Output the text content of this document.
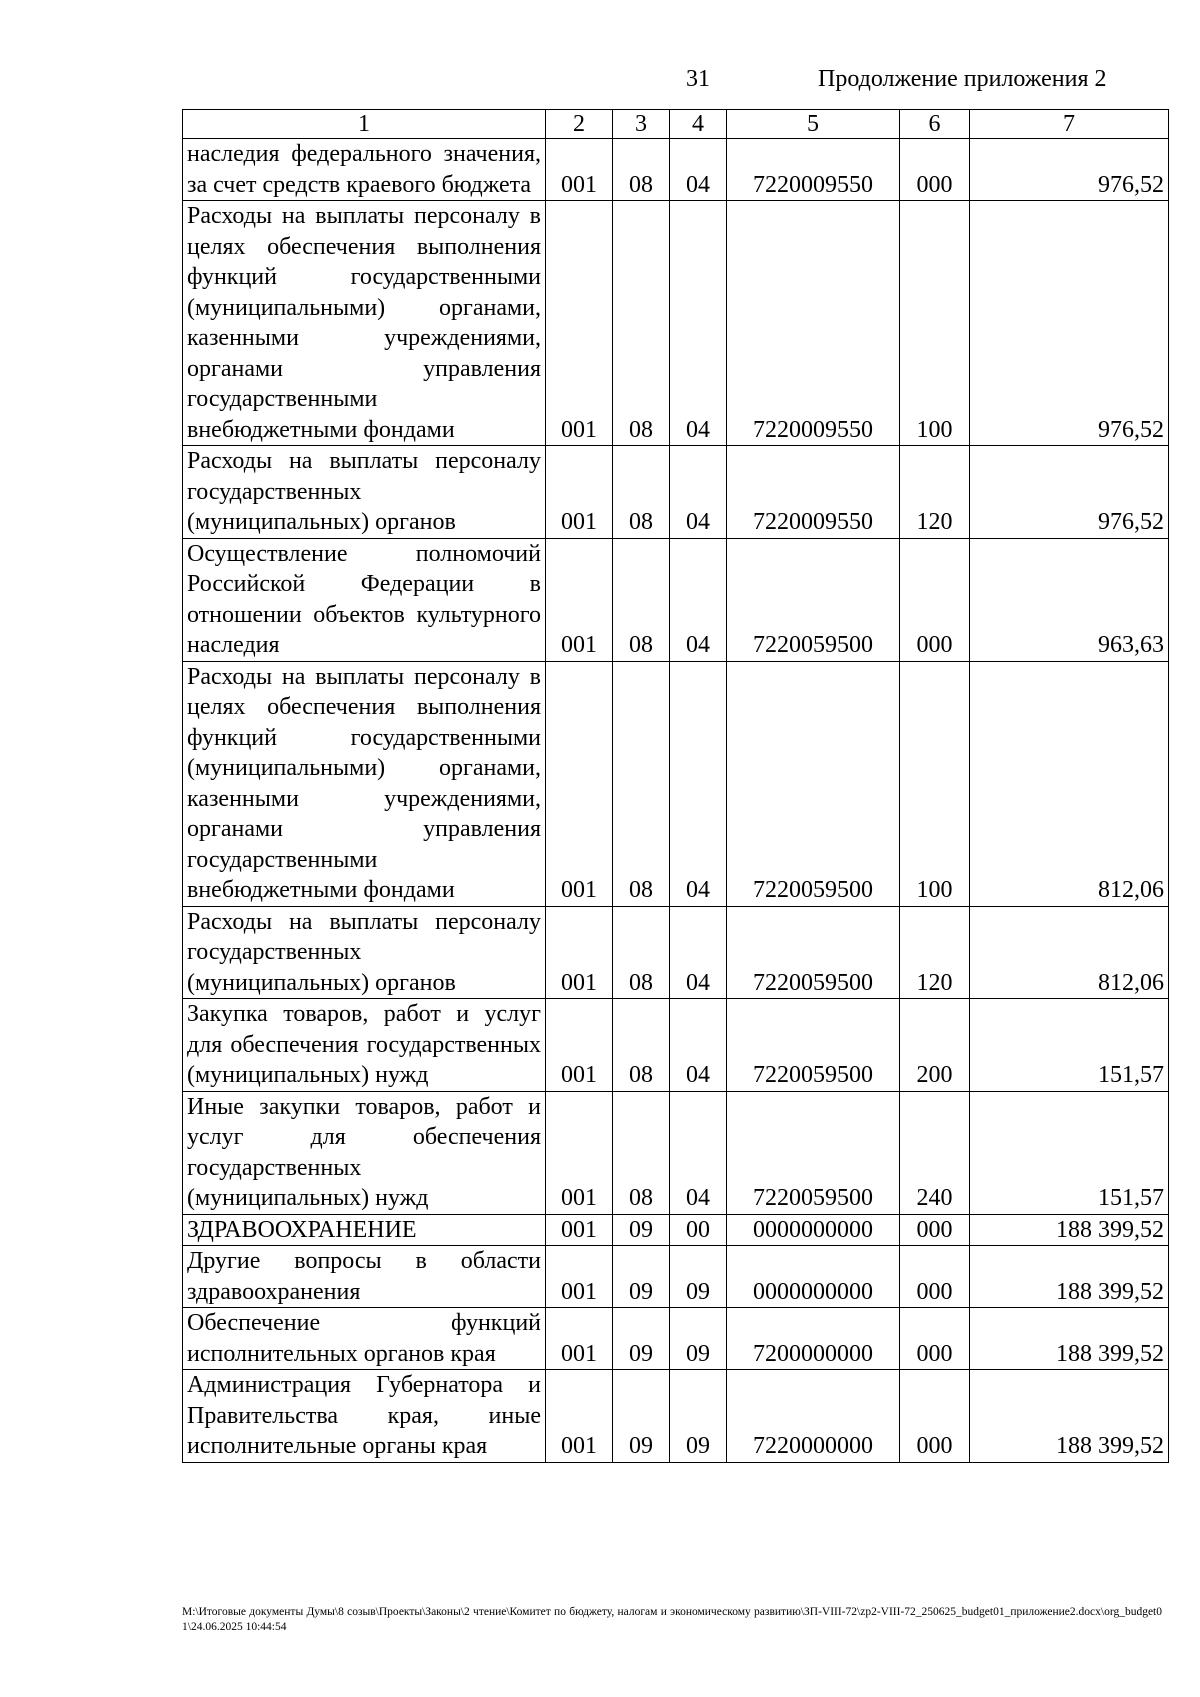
31	Продолжение приложения 2
1	2	3	4	5	6	7
наследия федерального значения, за счет средств краевого бюджета	001	08	04	7220009550	000	976,52
Расходы на выплаты персоналу в целях обеспечения выполнения функций государственными (муниципальными) органами, казенными учреждениями, органами управления государственными внебюджетными фондами	001	08	04	7220009550	100	976,52
Расходы на выплаты персоналу государственных (муниципальных) органов	001	08	04	7220009550	120	976,52
Осуществление полномочий Российской Федерации в отношении объектов культурного наследия	001	08	04	7220059500	000	963,63
Расходы на выплаты персоналу в целях обеспечения выполнения функций государственными (муниципальными) органами, казенными учреждениями, органами управления государственными внебюджетными фондами	001	08	04	7220059500	100	812,06
Расходы на выплаты персоналу государственных (муниципальных) органов	001	08	04	7220059500	120	812,06
Закупка товаров, работ и услуг для обеспечения государственных (муниципальных) нужд	001	08	04	7220059500	200	151,57
Иные закупки товаров, работ и услуг для обеспечения государственных (муниципальных) нужд	001	08	04	7220059500	240	151,57
ЗДРАВООХРАНЕНИЕ	001	09	00	0000000000	000	188 399,52
Другие вопросы в области здравоохранения	001	09	09	0000000000	000	188 399,52
Обеспечение функций исполнительных органов края	001	09	09	7200000000	000	188 399,52
Администрация Губернатора и Правительства края, иные исполнительные органы края	001	09	09	7220000000	000	188 399,52
M:\Итоговые документы Думы\8 созыв\Проекты\Законы\2 чтение\Комитет по бюджету, налогам и экономическому развитию\ЗП-VIII-72\zp2-VIII-72_250625_budget01_приложение2.docx\org_budget01\24.06.2025 10:44:54
